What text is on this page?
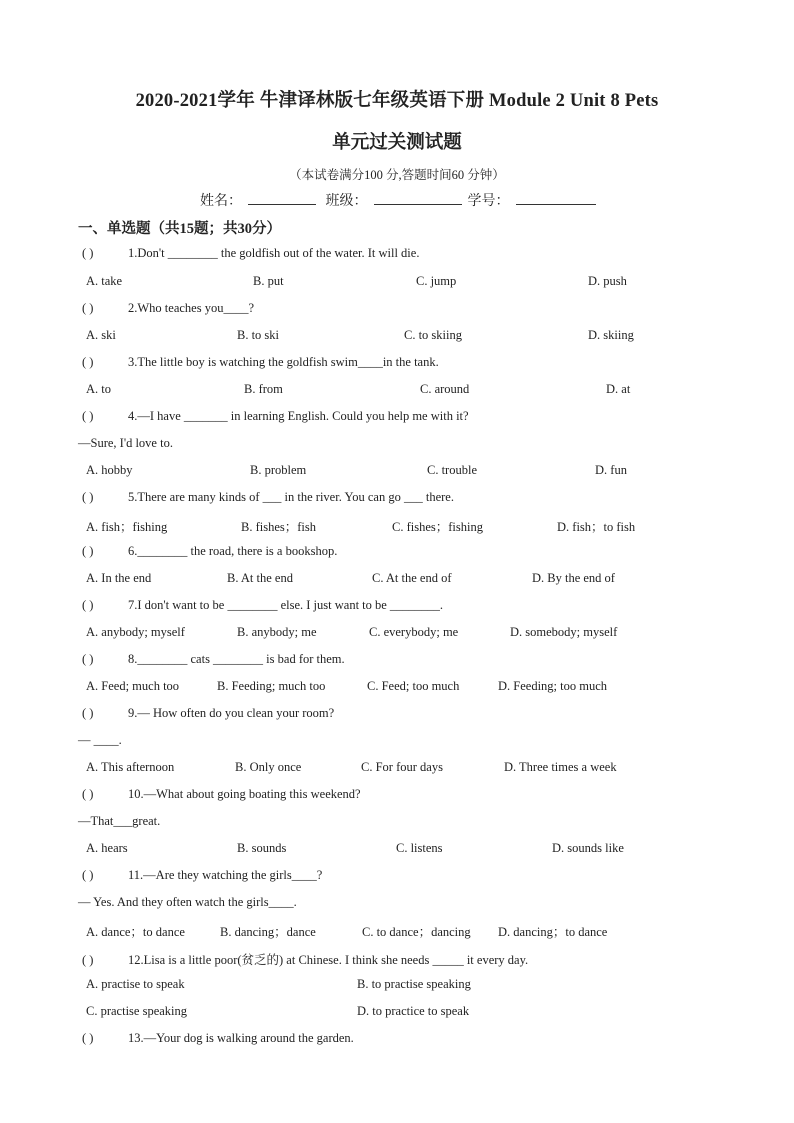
2020-2021学年 牛津译林版七年级英语下册 Module 2 Unit 8 Pets
单元过关测试题
（本试卷满分100 分,答题时间60 分钟）
姓名：	班级：	学号：
一、单选题（共15题；共30分）
( )	1.Don't ________ the goldfish out of the water. It will die.
A. take	B. put	C. jump	D. push
( )	2.Who teaches you____?
A. ski	B. to ski	C. to skiing	D. skiing
( )	3.The little boy is watching the goldfish swim____in the tank.
A. to	B. from	C. around	D. at
( )	4.—I have _______ in learning English. Could you help me with it?
—Sure, I'd love to.
A. hobby	B. problem	C. trouble	D. fun
( )	5.There are many kinds of ___ in the river. You can go ___ there.
A. fish；fishing	B. fishes；fish	C. fishes；fishing	D. fish；to fish
( )	6.________ the road, there is a bookshop.
A. In the end	B. At the end	C. At the end of	D. By the end of
( )	7.I don't want to be ________ else. I just want to be ________.
A. anybody; myself	B. anybody; me	C. everybody; me	D. somebody; myself
( )	8.________ cats ________ is bad for them.
A. Feed; much too	B. Feeding; much too	C. Feed; too much	D. Feeding; too much
( )	9.— How often do you clean your room?
— ____.
A. This afternoon	B. Only once	C. For four days	D. Three times a week
( )	10.—What about going boating this weekend?
—That___great.
A. hears	B. sounds	C. listens	D. sounds like
( )	11.—Are they watching the girls____?
— Yes. And they often watch the girls____.
A. dance；to dance	B. dancing；dance	C. to dance；dancing D. dancing；to dance
( )	12.Lisa is a little poor(贫乏的) at Chinese. I think she needs _____ it every day.
A. practise to speak	B. to practise speaking
C. practise speaking	D. to practice to speak
( )	13.—Your dog is walking around the garden.
